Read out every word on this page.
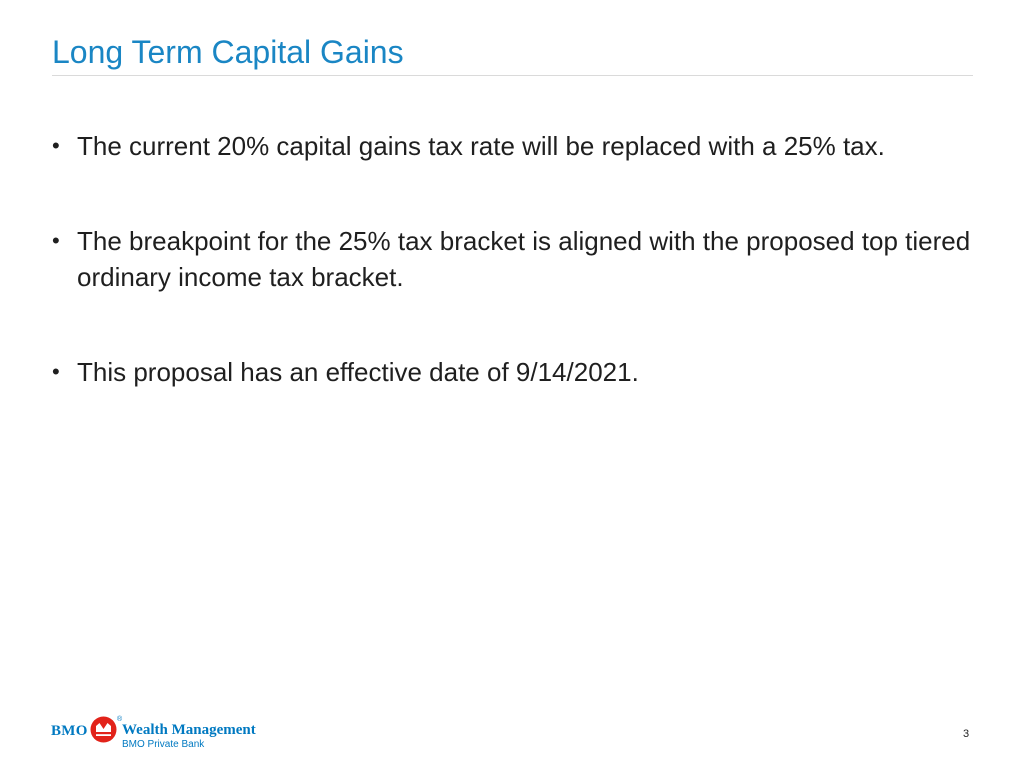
Long Term Capital Gains
• The current 20% capital gains tax rate will be replaced with a 25% tax.
• The breakpoint for the 25% tax bracket is aligned with the proposed top tiered ordinary income tax bracket.
• This proposal has an effective date of 9/14/2021.
BMO
®
Wealth Management
BMO Private Bank
3
